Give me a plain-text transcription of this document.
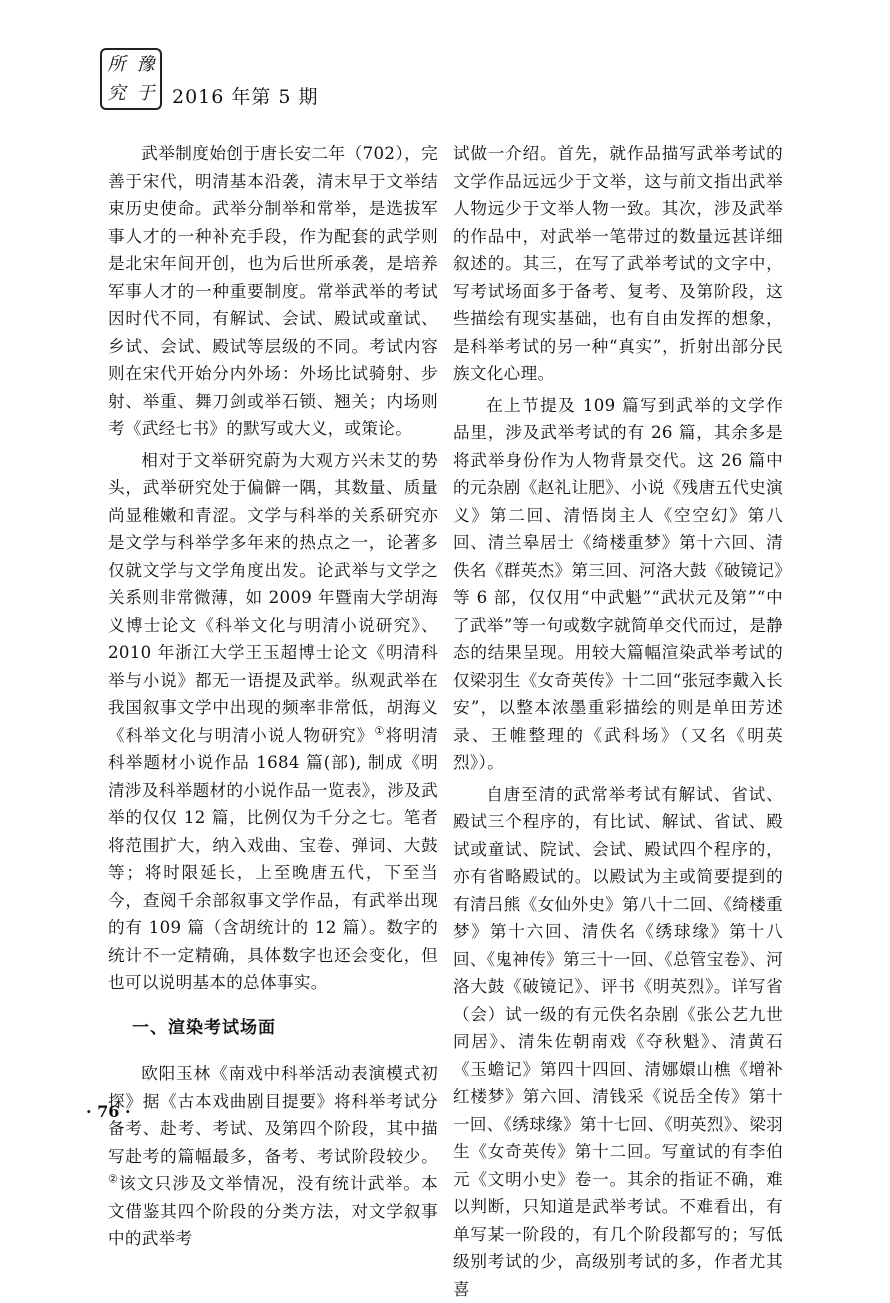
所 豫
究 于 2016 年第 5 期

武举制度始创于唐长安二年（702），完善于宋代，明清基本沿袭，清末早于文举结束历史使命。武举分制举和常举，是选拔军事人才的一种补充手段，作为配套的武学则是北宋年间开创，也为后世所承袭，是培养军事人才的一种重要制度。常举武举的考试因时代不同，有解试、会试、殿试或童试、乡试、会试、殿试等层级的不同。考试内容则在宋代开始分内外场：外场比试骑射、步射、举重、舞刀剑或举石锁、翘关；内场则考《武经七书》的默写或大义，或策论。

相对于文举研究蔚为大观方兴未艾的势头，武举研究处于偏僻一隅，其数量、质量尚显稚嫩和青涩。文学与科举的关系研究亦是文学与科举学多年来的热点之一，论著多仅就文学与文学角度出发。论武举与文学之关系则非常微薄，如 2009 年暨南大学胡海义博士论文《科举文化与明清小说研究》、2010 年浙江大学王玉超博士论文《明清科举与小说》都无一语提及武举。纵观武举在我国叙事文学中出现的频率非常低，胡海义《科举文化与明清小说人物研究》①将明清科举题材小说作品 1684 篇(部), 制成《明清涉及科举题材的小说作品一览表》，涉及武举的仅仅 12 篇，比例仅为千分之七。笔者将范围扩大，纳入戏曲、宝卷、弹词、大鼓等；将时限延长，上至晚唐五代，下至当今，查阅千余部叙事文学作品，有武举出现的有 109 篇（含胡统计的 12 篇）。数字的统计不一定精确，具体数字也还会变化，但也可以说明基本的总体事实。

一、渲染考试场面

欧阳玉林《南戏中科举活动表演模式初探》据《古本戏曲剧目提要》将科举考试分备考、赴考、考试、及第四个阶段，其中描写赴考的篇幅最多，备考、考试阶段较少。②该文只涉及文举情况，没有统计武举。本文借鉴其四个阶段的分类方法，对文学叙事中的武举考

试做一介绍。首先，就作品描写武举考试的文学作品远远少于文举，这与前文指出武举人物远少于文举人物一致。其次，涉及武举的作品中，对武举一笔带过的数量远甚详细叙述的。其三，在写了武举考试的文字中，写考试场面多于备考、复考、及第阶段，这些描绘有现实基础，也有自由发挥的想象，是科举考试的另一种“真实”，折射出部分民族文化心理。

在上节提及 109 篇写到武举的文学作品里，涉及武举考试的有 26 篇，其余多是将武举身份作为人物背景交代。这 26 篇中的元杂剧《赵礼让肥》、小说《残唐五代史演义》第二回、清悟岗主人《空空幻》第八回、清兰皋居士《绮楼重梦》第十六回、清佚名《群英杰》第三回、河洛大鼓《破镜记》等 6 部，仅仅用“中武魁”“武状元及第”“中了武举”等一句或数字就简单交代而过，是静态的结果呈现。用较大篇幅渲染武举考试的仅梁羽生《女奇英传》十二回“张冠李戴入长安”，以整本浓墨重彩描绘的则是单田芳述录、王帷整理的《武科场》（又名《明英烈》）。

自唐至清的武常举考试有解试、省试、殿试三个程序的，有比试、解试、省试、殿试或童试、院试、会试、殿试四个程序的，亦有省略殿试的。以殿试为主或简要提到的有清吕熊《女仙外史》第八十二回、《绮楼重梦》第十六回、清佚名《绣球缘》第十八回、《鬼神传》第三十一回、《总管宝卷》、河洛大鼓《破镜记》、评书《明英烈》。详写省（会）试一级的有元佚名杂剧《张公艺九世同居》、清朱佐朝南戏《夺秋魁》、清黄石《玉蟾记》第四十四回、清娜嬛山樵《增补红楼梦》第六回、清钱采《说岳全传》第十一回、《绣球缘》第十七回、《明英烈》、梁羽生《女奇英传》第十二回。写童试的有李伯元《文明小史》卷一。其余的指证不确，难以判断，只知道是武举考试。不难看出，有单写某一阶段的，有几个阶段都写的；写低级别考试的少，高级别考试的多，作者尤其喜

· 76 ·
